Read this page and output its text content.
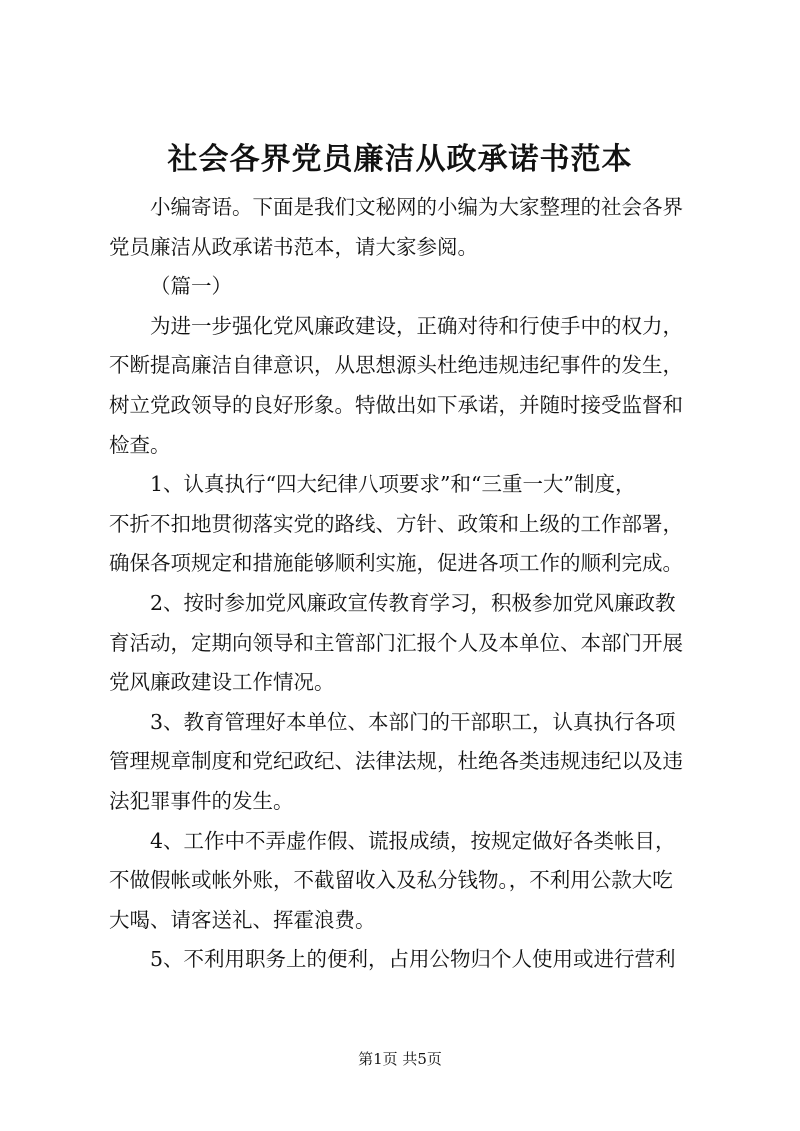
社会各界党员廉洁从政承诺书范本

小编寄语。下面是我们文秘网的小编为大家整理的社会各界
党员廉洁从政承诺书范本，请大家参阅。

（篇一）

为进一步强化党风廉政建设，正确对待和行使手中的权力，
不断提高廉洁自律意识，从思想源头杜绝违规违纪事件的发生，
树立党政领导的良好形象。特做出如下承诺，并随时接受监督和
检查。

1、认真执行“四大纪律八项要求”和“三重一大”制度，
不折不扣地贯彻落实党的路线、方针、政策和上级的工作部署，
确保各项规定和措施能够顺利实施，促进各项工作的顺利完成。

2、按时参加党风廉政宣传教育学习，积极参加党风廉政教
育活动，定期向领导和主管部门汇报个人及本单位、本部门开展
党风廉政建设工作情况。

3、教育管理好本单位、本部门的干部职工，认真执行各项
管理规章制度和党纪政纪、法律法规，杜绝各类违规违纪以及违
法犯罪事件的发生。

4、工作中不弄虚作假、谎报成绩，按规定做好各类帐目，
不做假帐或帐外账，不截留收入及私分钱物。，不利用公款大吃
大喝、请客送礼、挥霍浪费。

5、不利用职务上的便利，占用公物归个人使用或进行营利

第1页 共5页
